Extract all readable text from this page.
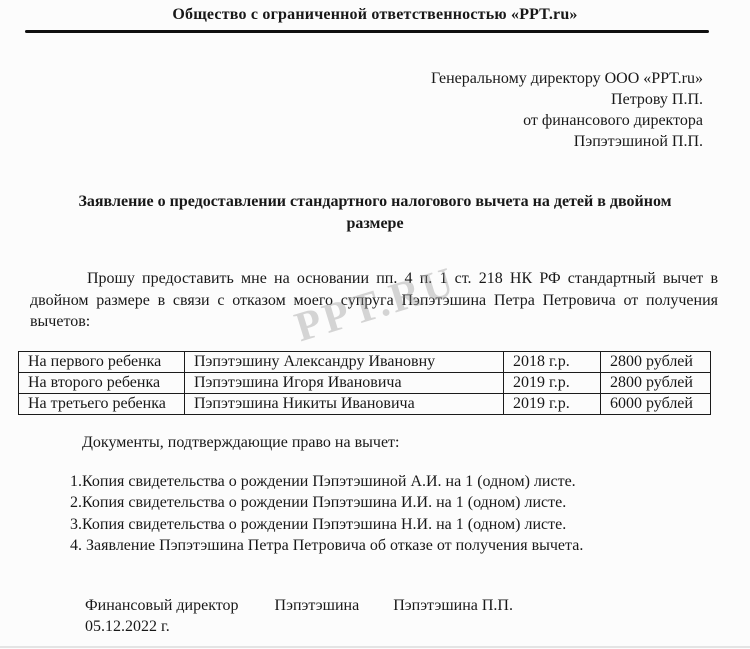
Общество с ограниченной ответственностью «PPT.ru»
Генеральному директору ООО «PPT.ru»
Петрову П.П.
от финансового директора
Пэпэтэшиной П.П.
Заявление о предоставлении стандартного налогового вычета на детей в двойном размере
Прошу предоставить мне на основании пп. 4 п. 1 ст. 218 НК РФ стандартный вычет в двойном размере в связи с отказом моего супруга Пэпэтэшина Петра Петровича от получения вычетов:	PPT.RU
На первого ребенка	Пэпэтэшину Александру Ивановну	2018 г.р.	2800 рублей
На второго ребенка	Пэпэтэшина Игоря Ивановича	2019 г.р.	2800 рублей
На третьего ребенка	Пэпэтэшина Никиты Ивановича	2019 г.р.	6000 рублей
Документы, подтверждающие право на вычет:
1.Копия свидетельства о рождении Пэпэтэшиной А.И. на 1 (одном) листе.
2.Копия свидетельства о рождении Пэпэтэшина И.И. на 1 (одном) листе.
3.Копия свидетельства о рождении Пэпэтэшина Н.И. на 1 (одном) листе.
4. Заявление Пэпэтэшина Петра Петровича об отказе от получения вычета.
Финансовый директор Пэпэтэшина Пэпэтэшина П.П.
05.12.2022 г.
